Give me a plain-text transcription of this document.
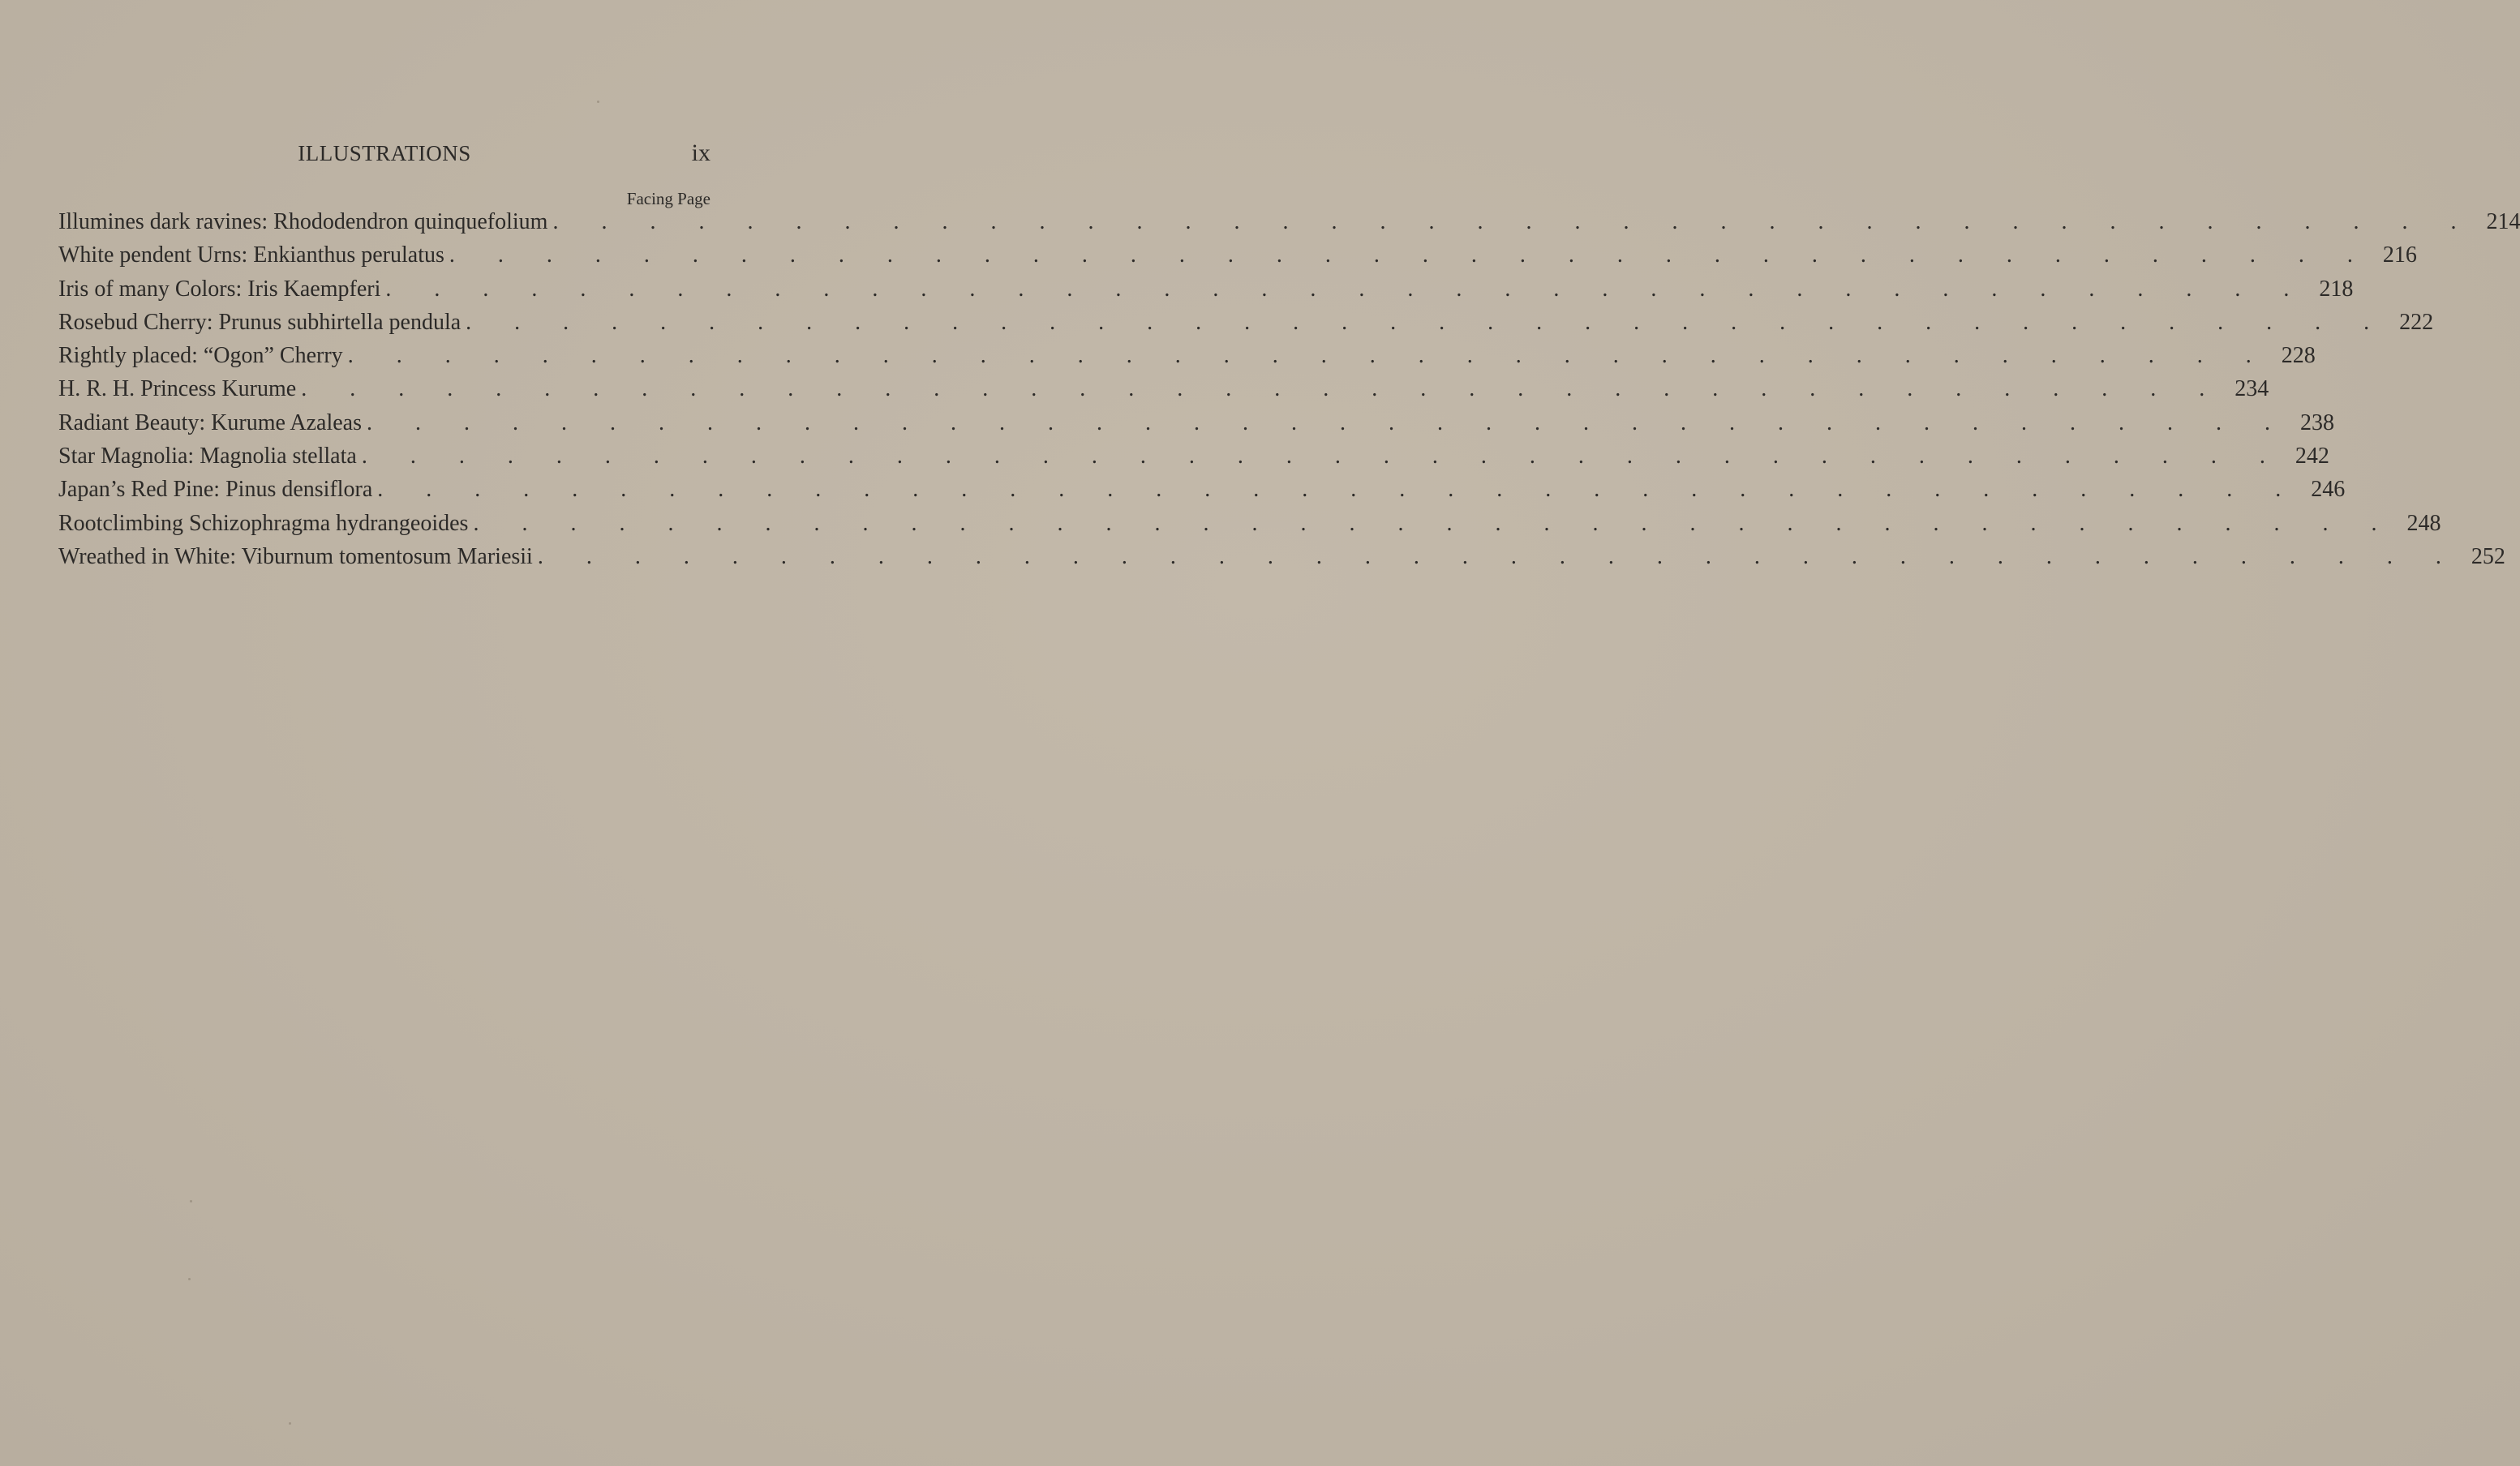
ILLUSTRATIONS	ix
Facing Page
Illumines dark ravines: Rhododendron quinquefolium . . . . . . . . . . . . . . . . . . . . . . . . . . . . . . . . . . . . . . . . 214
White pendent Urns: Enkianthus perulatus . . . . . . . . . . . . . . . . . . . . . . . . . . . . . . . . . . . . . . . . 216
Iris of many Colors: Iris Kaempferi . . . . . . . . . . . . . . . . . . . . . . . . . . . . . . . . . . . . . . . . 218
Rosebud Cherry: Prunus subhirtella pendula . . . . . . . . . . . . . . . . . . . . . . . . . . . . . . . . . . . . . . . . 222
Rightly placed: “Ogon” Cherry . . . . . . . . . . . . . . . . . . . . . . . . . . . . . . . . . . . . . . . . 228
H. R. H. Princess Kurume . . . . . . . . . . . . . . . . . . . . . . . . . . . . . . . . . . . . . . . . 234
Radiant Beauty: Kurume Azaleas . . . . . . . . . . . . . . . . . . . . . . . . . . . . . . . . . . . . . . . . 238
Star Magnolia: Magnolia stellata . . . . . . . . . . . . . . . . . . . . . . . . . . . . . . . . . . . . . . . . 242
Japan’s Red Pine: Pinus densiflora . . . . . . . . . . . . . . . . . . . . . . . . . . . . . . . . . . . . . . . . 246
Rootclimbing Schizophragma hydrangeoides . . . . . . . . . . . . . . . . . . . . . . . . . . . . . . . . . . . . . . . . 248
Wreathed in White: Viburnum tomentosum Mariesii . . . . . . . . . . . . . . . . . . . . . . . . . . . . . . . . . . . . . . . . 252
